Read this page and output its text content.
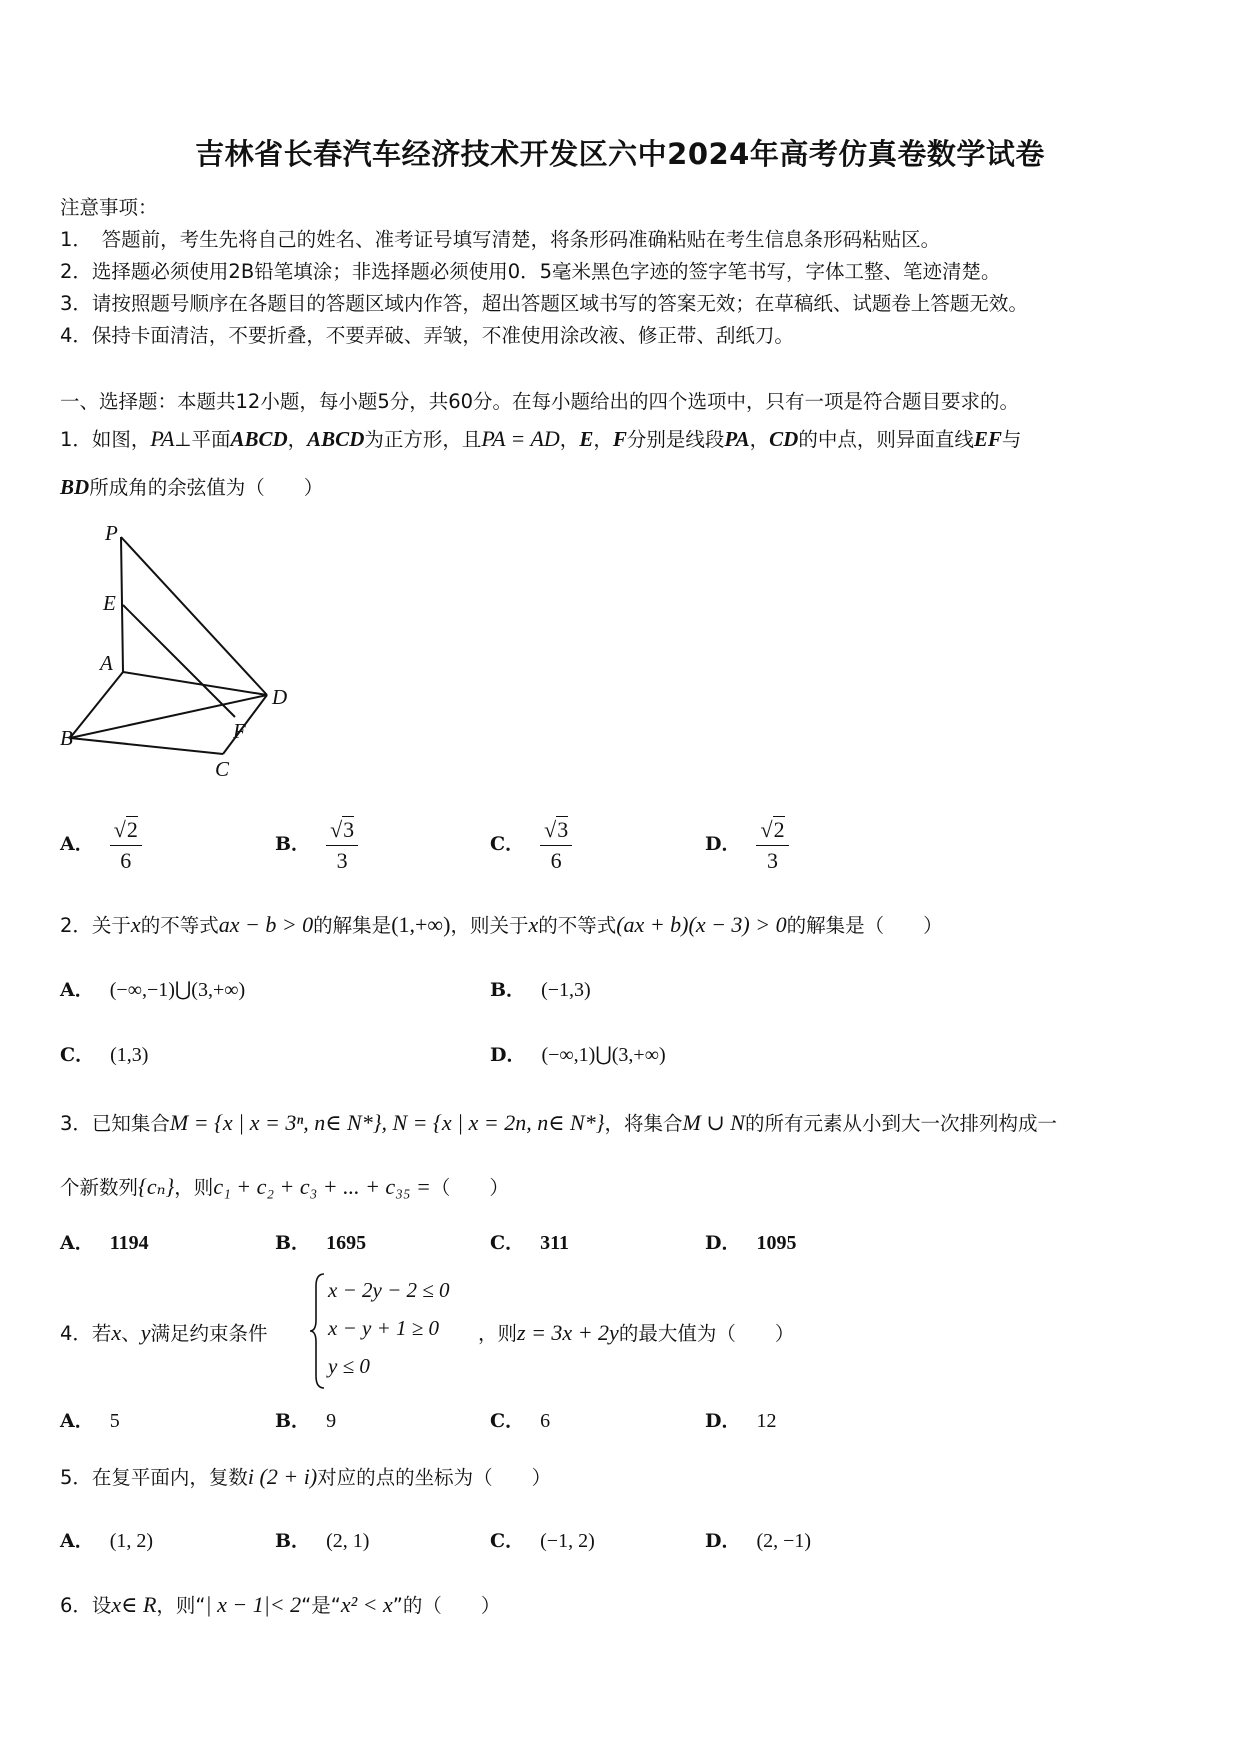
吉林省长春汽车经济技术开发区六中2024年高考仿真卷数学试卷
注意事项：
1．　答题前，考生先将自己的姓名、准考证号填写清楚，将条形码准确粘贴在考生信息条形码粘贴区。
2．选择题必须使用2B铅笔填涂；非选择题必须使用0．5毫米黑色字迹的签字笔书写，字体工整、笔迹清楚。
3．请按照题号顺序在各题目的答题区域内作答，超出答题区域书写的答案无效；在草稿纸、试题卷上答题无效。
4．保持卡面清洁，不要折叠，不要弄破、弄皱，不准使用涂改液、修正带、刮纸刀。
一、选择题：本题共12小题，每小题5分，共60分。在每小题给出的四个选项中，只有一项是符合题目要求的。
1．如图，PA⊥平面ABCD，ABCD为正方形，且PA = AD，E，F分别是线段PA，CD的中点，则异面直线EF与
BD所成角的余弦值为（　　）
P
E
A
D
B	F
C
A． $\frac{√2}{6}$	B． $\frac{√3}{3}$	C． $\frac{√3}{6}$	D． $\frac{√2}{3}$
2．关于x的不等式ax − b > 0的解集是(1,+∞)，则关于x的不等式(ax + b)(x − 3) > 0的解集是（　　）
A． (−∞,−1)⋃(3,+∞)	B． (−1,3)
C． (1,3)	D． (−∞,1)⋃(3,+∞)
3．已知集合M = {x | x = 3ⁿ, n∈ N*}, N = {x | x = 2n, n∈ N*}，将集合M ∪ N的所有元素从小到大一次排列构成一
个新数列{cₙ}，则c₁ + c₂ + c₃ + ... + c₃₅ =（　　）
A． 1194	B． 1695	C． 311	D． 1095
4．若x、y满足约束条件
x − 2y − 2 ≤ 0
x − y + 1 ≥ 0
y ≤ 0
，则z = 3x + 2y的最大值为（　　）
A． 5	B． 9	C． 6	D． 12
5．在复平面内，复数i (2 + i)对应的点的坐标为（　　）
A． (1, 2)	B． (2, 1)	C． (−1, 2)	D． (2, −1)
6．设x∈ R，则“| x − 1|< 2“是“x² < x”的（　　）
